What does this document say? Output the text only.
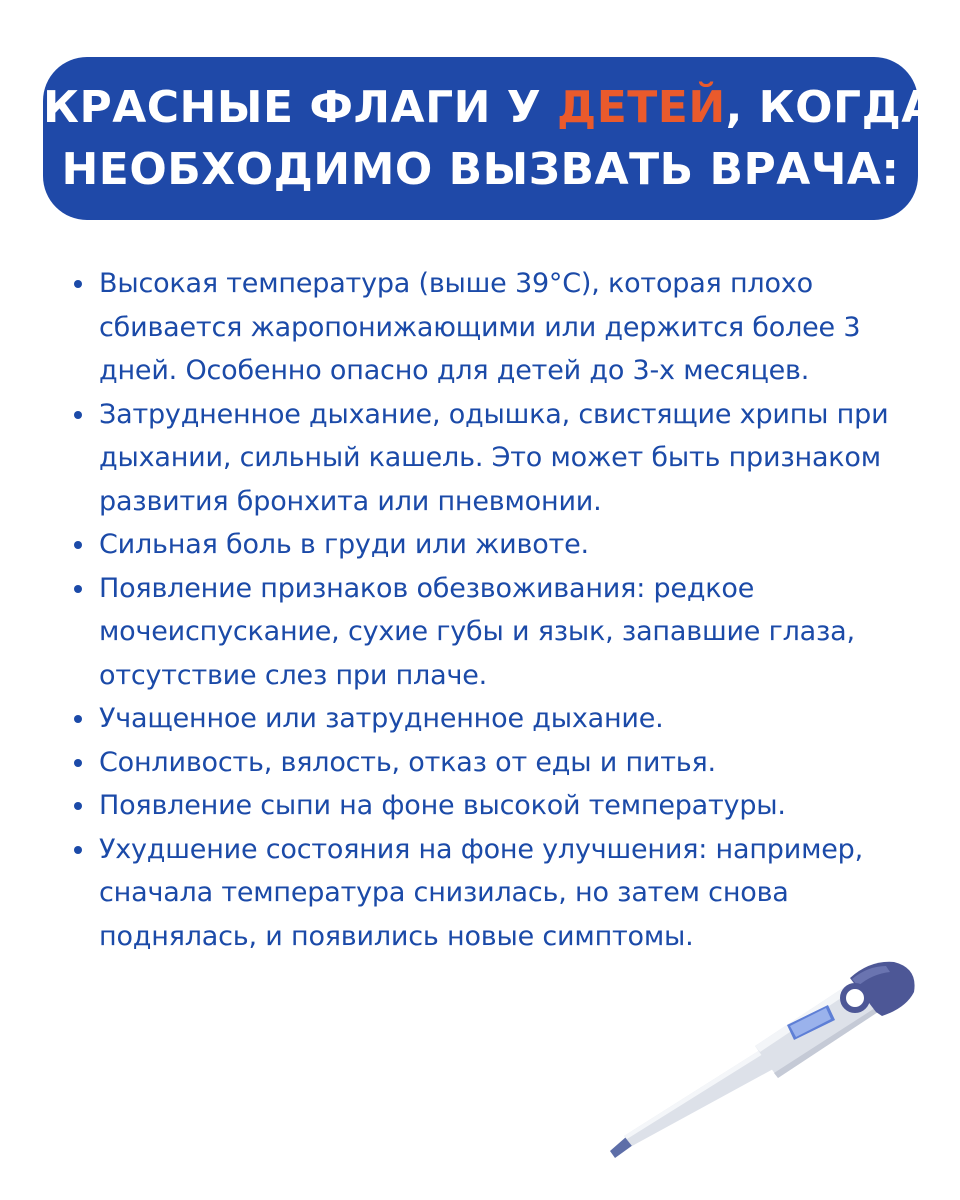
КРАСНЫЕ ФЛАГИ У ДЕТЕЙ, КОГДА
НЕОБХОДИМО ВЫЗВАТЬ ВРАЧА:
Высокая температура (выше 39°C), которая плохо сбивается жаропонижающими или держится более 3 дней. Особенно опасно для детей до 3-х месяцев.
Затрудненное дыхание, одышка, свистящие хрипы при дыхании, сильный кашель. Это может быть признаком развития бронхита или пневмонии.
Сильная боль в груди или животе.
Появление признаков обезвоживания: редкое мочеиспускание, сухие губы и язык, запавшие глаза, отсутствие слез при плаче.
Учащенное или затрудненное дыхание.
Сонливость, вялость, отказ от еды и питья.
Появление сыпи на фоне высокой температуры.
Ухудшение состояния на фоне улучшения: например, сначала температура снизилась, но затем снова поднялась, и появились новые симптомы.
